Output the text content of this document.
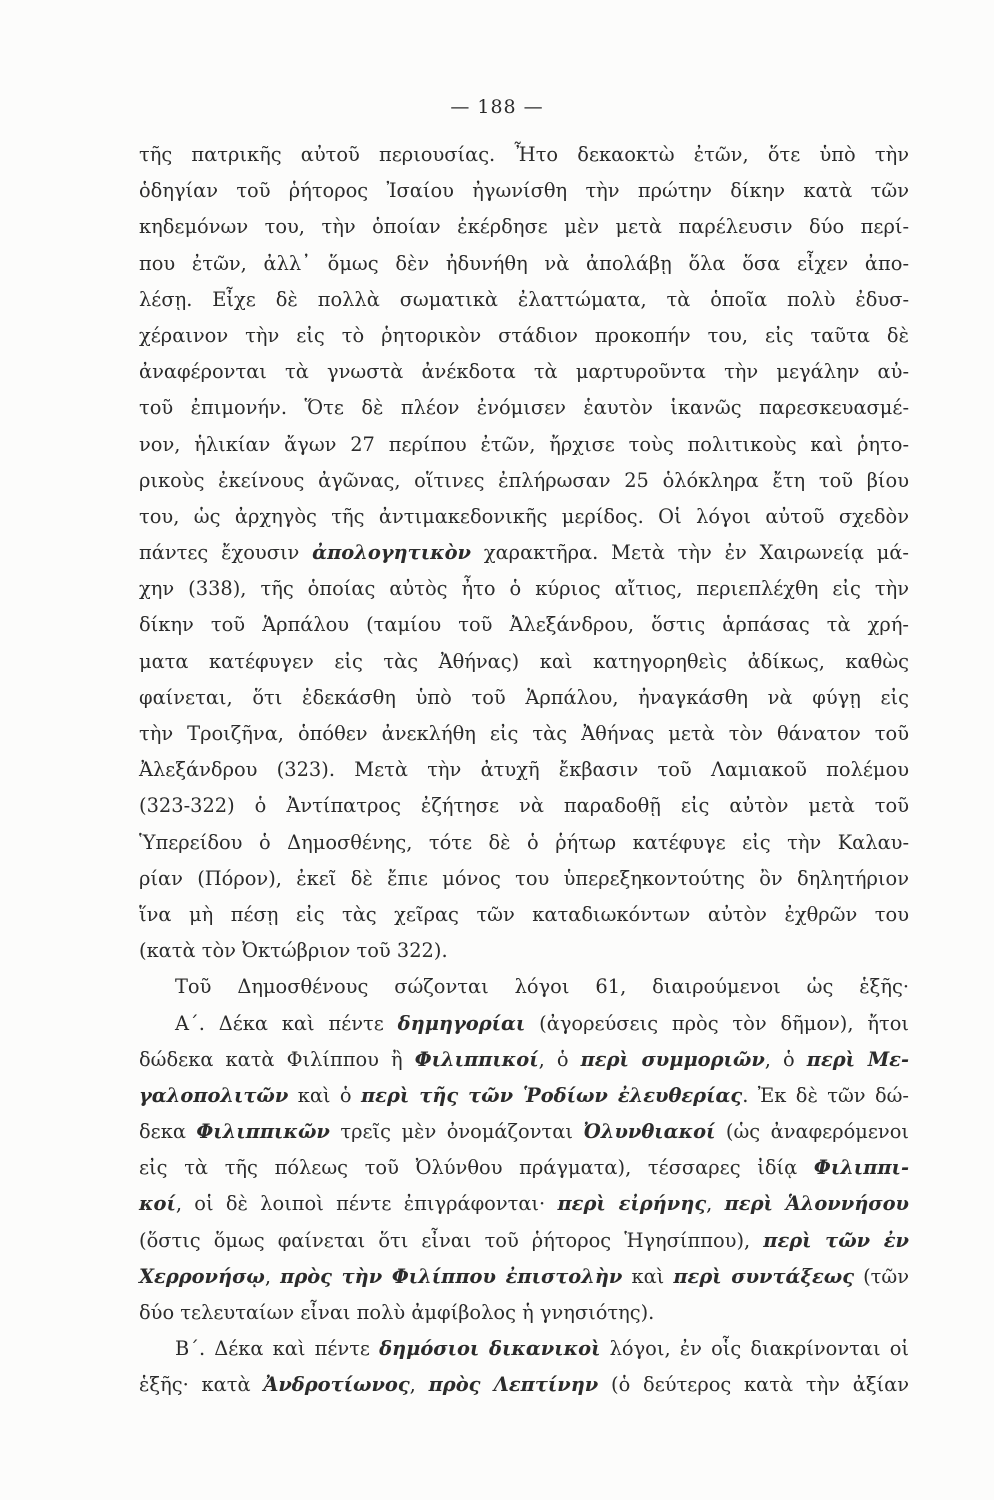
— 188 —
τῆς πατρικῆς αὐτοῦ περιουσίας. Ἦτο δεκαοκτὼ ἐτῶν, ὅτε ὑπὸ τὴν
ὁδηγίαν τοῦ ῥήτορος Ἰσαίου ἠγωνίσθη τὴν πρώτην δίκην κατὰ τῶν
κηδεμόνων του, τὴν ὁποίαν ἐκέρδησε μὲν μετὰ παρέλευσιν δύο περί-
που ἐτῶν, ἀλλ᾽ ὅμως δὲν ἠδυνήθη νὰ ἀπολάβῃ ὅλα ὅσα εἶχεν ἀπο-
λέσῃ. Εἶχε δὲ πολλὰ σωματικὰ ἐλαττώματα, τὰ ὁποῖα πολὺ ἐδυσ-
χέραινον τὴν εἰς τὸ ῥητορικὸν στάδιον προκοπήν του, εἰς ταῦτα δὲ
ἀναφέρονται τὰ γνωστὰ ἀνέκδοτα τὰ μαρτυροῦντα τὴν μεγάλην αὐ-
τοῦ ἐπιμονήν. Ὅτε δὲ πλέον ἐνόμισεν ἑαυτὸν ἱκανῶς παρεσκευασμέ-
νον, ἡλικίαν ἄγων 27 περίπου ἐτῶν, ἤρχισε τοὺς πολιτικοὺς καὶ ῥητο-
ρικοὺς ἐκείνους ἀγῶνας, οἵτινες ἐπλήρωσαν 25 ὁλόκληρα ἔτη τοῦ βίου
του, ὡς ἀρχηγὸς τῆς ἀντιμακεδονικῆς μερίδος. Οἱ λόγοι αὐτοῦ σχεδὸν
πάντες ἔχουσιν ἀπολογητικὸν χαρακτῆρα. Μετὰ τὴν ἐν Χαιρωνείᾳ μά-
χην (338), τῆς ὁποίας αὐτὸς ἦτο ὁ κύριος αἴτιος, περιεπλέχθη εἰς τὴν
δίκην τοῦ Ἁρπάλου (ταμίου τοῦ Ἀλεξάνδρου, ὅστις ἁρπάσας τὰ χρή-
ματα κατέφυγεν εἰς τὰς Ἀθήνας) καὶ κατηγορηθεὶς ἀδίκως, καθὼς
φαίνεται, ὅτι ἐδεκάσθη ὑπὸ τοῦ Ἁρπάλου, ἠναγκάσθη νὰ φύγῃ εἰς
τὴν Τροιζῆνα, ὁπόθεν ἀνεκλήθη εἰς τὰς Ἀθήνας μετὰ τὸν θάνατον τοῦ
Ἀλεξάνδρου (323). Μετὰ τὴν ἀτυχῆ ἔκβασιν τοῦ Λαμιακοῦ πολέμου
(323-322) ὁ Ἀντίπατρος ἐζήτησε νὰ παραδοθῇ εἰς αὐτὸν μετὰ τοῦ
Ὑπερείδου ὁ Δημοσθένης, τότε δὲ ὁ ῥήτωρ κατέφυγε εἰς τὴν Καλαυ-
ρίαν (Πόρον), ἐκεῖ δὲ ἔπιε μόνος του ὑπερεξηκοντούτης ὂν δηλητήριον
ἵνα μὴ πέσῃ εἰς τὰς χεῖρας τῶν καταδιωκόντων αὐτὸν ἐχθρῶν του
(κατὰ τὸν Ὀκτώβριον τοῦ 322).
Τοῦ Δημοσθένους σώζονται λόγοι 61, διαιρούμενοι ὡς ἑξῆς·
Α΄. Δέκα καὶ πέντε δημηγορίαι (ἀγορεύσεις πρὸς τὸν δῆμον), ἤτοι
δώδεκα κατὰ Φιλίππου ἢ Φιλιππικοί, ὁ περὶ συμμοριῶν, ὁ περὶ Με-
γαλοπολιτῶν καὶ ὁ περὶ τῆς τῶν Ῥοδίων ἐλευθερίας. Ἐκ δὲ τῶν δώ-
δεκα Φιλιππικῶν τρεῖς μὲν ὀνομάζονται Ὀλυνθιακοί (ὡς ἀναφερόμενοι
εἰς τὰ τῆς πόλεως τοῦ Ὀλύνθου πράγματα), τέσσαρες ἰδίᾳ Φιλιππι-
κοί, οἱ δὲ λοιποὶ πέντε ἐπιγράφονται· περὶ εἰρήνης, περὶ Ἁλοννήσου
(ὅστις ὅμως φαίνεται ὅτι εἶναι τοῦ ῥήτορος Ἡγησίππου), περὶ τῶν ἐν
Χερρονήσῳ, πρὸς τὴν Φιλίππου ἐπιστολὴν καὶ περὶ συντάξεως (τῶν
δύο τελευταίων εἶναι πολὺ ἀμφίβολος ἡ γνησιότης).
Β΄. Δέκα καὶ πέντε δημόσιοι δικανικοὶ λόγοι, ἐν οἷς διακρίνονται οἱ
ἑξῆς· κατὰ Ἀνδροτίωνος, πρὸς Λεπτίνην (ὁ δεύτερος κατὰ τὴν ἀξίαν
